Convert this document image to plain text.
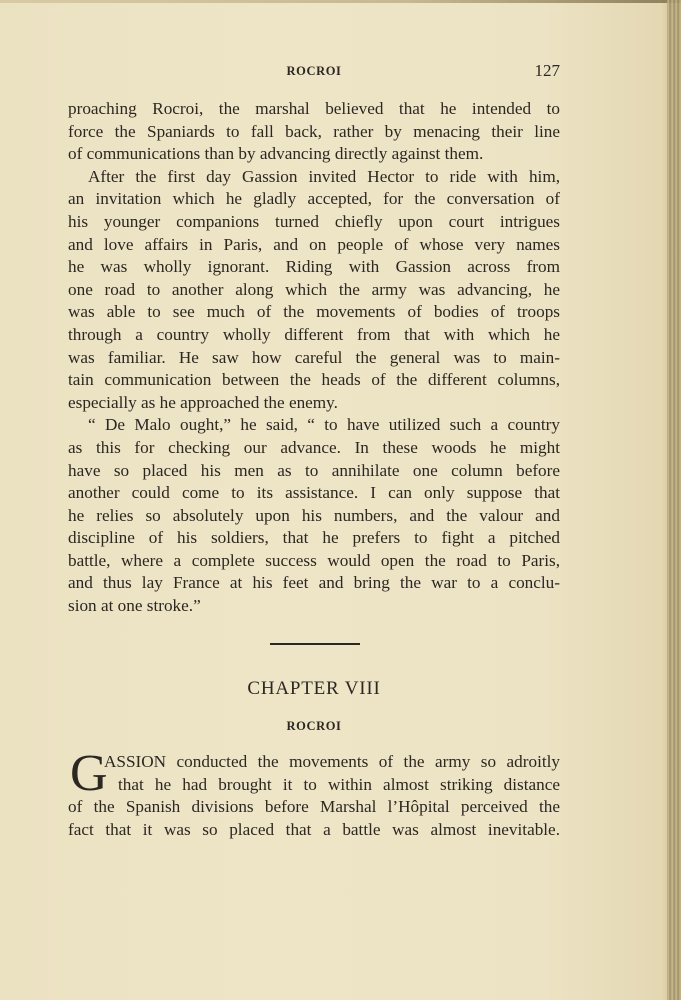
ROCROI	127
proaching Rocroi, the marshal believed that he intended to
force the Spaniards to fall back, rather by menacing their line
of communications than by advancing directly against them.
After the first day Gassion invited Hector to ride with him,
an invitation which he gladly accepted, for the conversation of
his younger companions turned chiefly upon court intrigues
and love affairs in Paris, and on people of whose very names
he was wholly ignorant. Riding with Gassion across from
one road to another along which the army was advancing, he
was able to see much of the movements of bodies of troops
through a country wholly different from that with which he
was familiar. He saw how careful the general was to main-
tain communication between the heads of the different columns,
especially as he approached the enemy.
“ De Malo ought,” he said, “ to have utilized such a country
as this for checking our advance. In these woods he might
have so placed his men as to annihilate one column before
another could come to its assistance. I can only suppose that
he relies so absolutely upon his numbers, and the valour and
discipline of his soldiers, that he prefers to fight a pitched
battle, where a complete success would open the road to Paris,
and thus lay France at his feet and bring the war to a conclu-
sion at one stroke.”
CHAPTER VIII
ROCROI
G
ASSION conducted the movements of the army so adroitly
that he had brought it to within almost striking distance
of the Spanish divisions before Marshal l’Hôpital perceived the
fact that it was so placed that a battle was almost inevitable.
